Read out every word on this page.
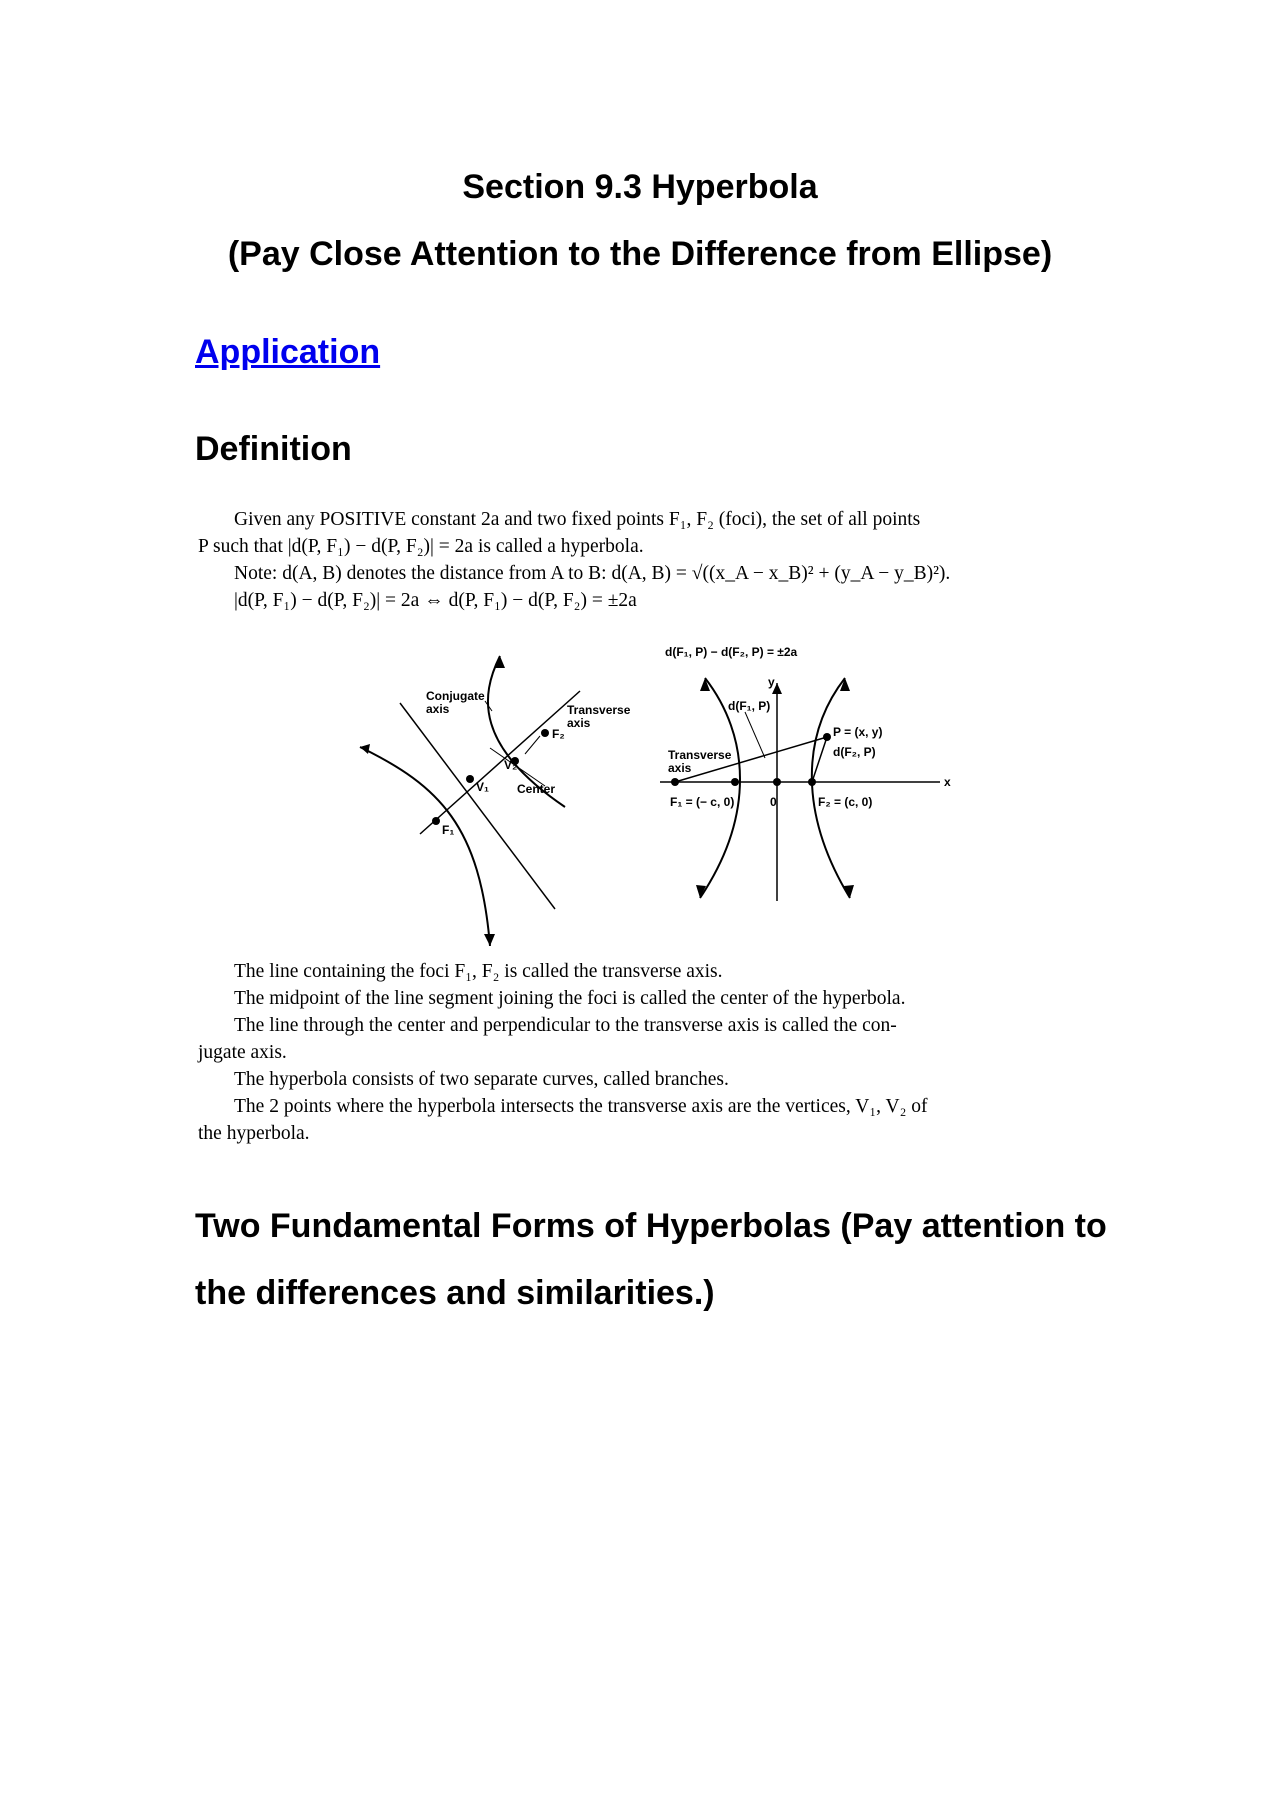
Section 9.3 Hyperbola
(Pay Close Attention to the Difference from Ellipse)
Application
Definition
Given any POSITIVE constant 2a and two fixed points F₁, F₂ (foci), the set of all points
P such that |d(P, F₁) − d(P, F₂)| = 2a is called a hyperbola.
Note: d(A, B) denotes the distance from A to B: d(A, B) = √((x_A − x_B)² + (y_A − y_B)²).
|d(P, F₁) − d(P, F₂)| = 2a ⇔ d(P, F₁) − d(P, F₂) = ±2a
Conjugate axis	Transverse axis
V₂
F₂
V₁
F₁
Center
d(F₁, P) − d(F₂, P) = ±2a
y
x
d(F₁, P)
P = (x, y)
d(F₂, P)
Transverse axis
F₁ = (− c, 0)	0	F₂ = (c, 0)
The line containing the foci F₁, F₂ is called the transverse axis.
The midpoint of the line segment joining the foci is called the center of the hyperbola.
The line through the center and perpendicular to the transverse axis is called the con-
jugate axis.
The hyperbola consists of two separate curves, called branches.
The 2 points where the hyperbola intersects the transverse axis are the vertices, V₁, V₂ of
the hyperbola.
Two Fundamental Forms of Hyperbolas (Pay attention to the differences and similarities.)
